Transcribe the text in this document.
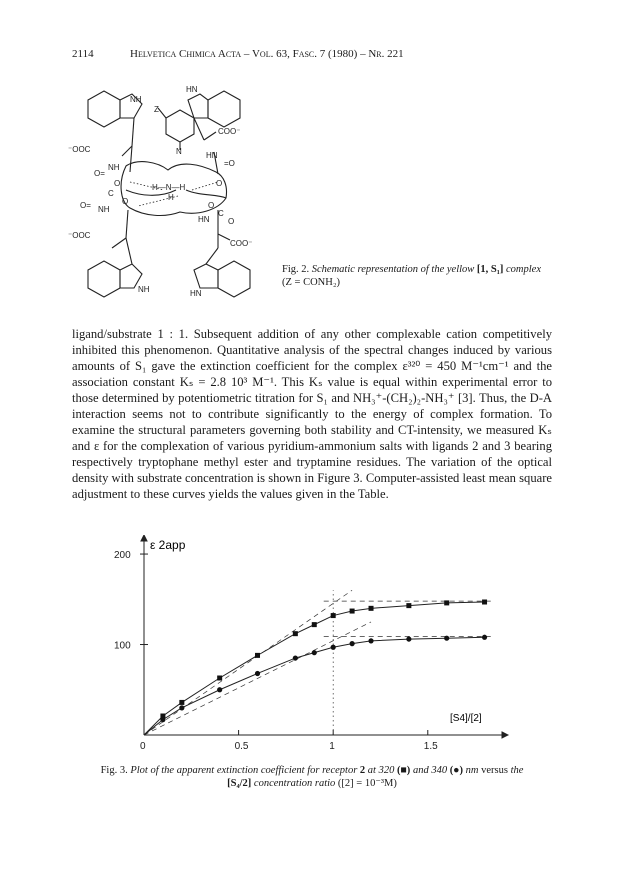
2114	Helvetica Chimica Acta – Vol. 63, Fasc. 7 (1980) – Nr. 221
NH
HN
Z
N
COO⁻
⁻OOC
HN
=O
O=
NH
O	O
O	O
H—N—H
H
C
O= NH
⁻OOC
HN
C
O
COO⁻
NH	HN
Fig. 2. Schematic representation of the yellow [1, S₁] complex
(Z = CONH₂)

ligand/substrate 1 : 1. Subsequent addition of any other complexable cation competitively inhibited this phenomenon. Quantitative analysis of the spectral changes induced by various amounts of S₁ gave the extinction coefficient for the complex ε³²⁰ = 450 M⁻¹cm⁻¹ and the association constant Kₛ = 2.8 10³ M⁻¹. This Kₛ value is equal within experimental error to those determined by potentiometric titration for S₁ and NH₃⁺-(CH₂)₂-NH₃⁺ [3]. Thus, the D-A interaction seems not to contribute significantly to the energy of complex formation. To examine the structural parameters governing both stability and CT-intensity, we measured Kₛ and ε for the complexation of various pyridium-ammonium salts with ligands 2 and 3 bearing respectively tryptophane methyl ester and tryptamine residues. The variation of the optical density with substrate concentration is shown in Figure 3. Computer-assisted least mean square adjustment to these curves yields the values given in the Table.

0	0.5	1	1.5
100
200
ε 2app
[S4]/[2]
Fig. 3. Plot of the apparent extinction coefficient for receptor 2 at 320 (■) and 340 (●) nm versus the
[S₄/2] concentration ratio ([2] = 10⁻³M)
